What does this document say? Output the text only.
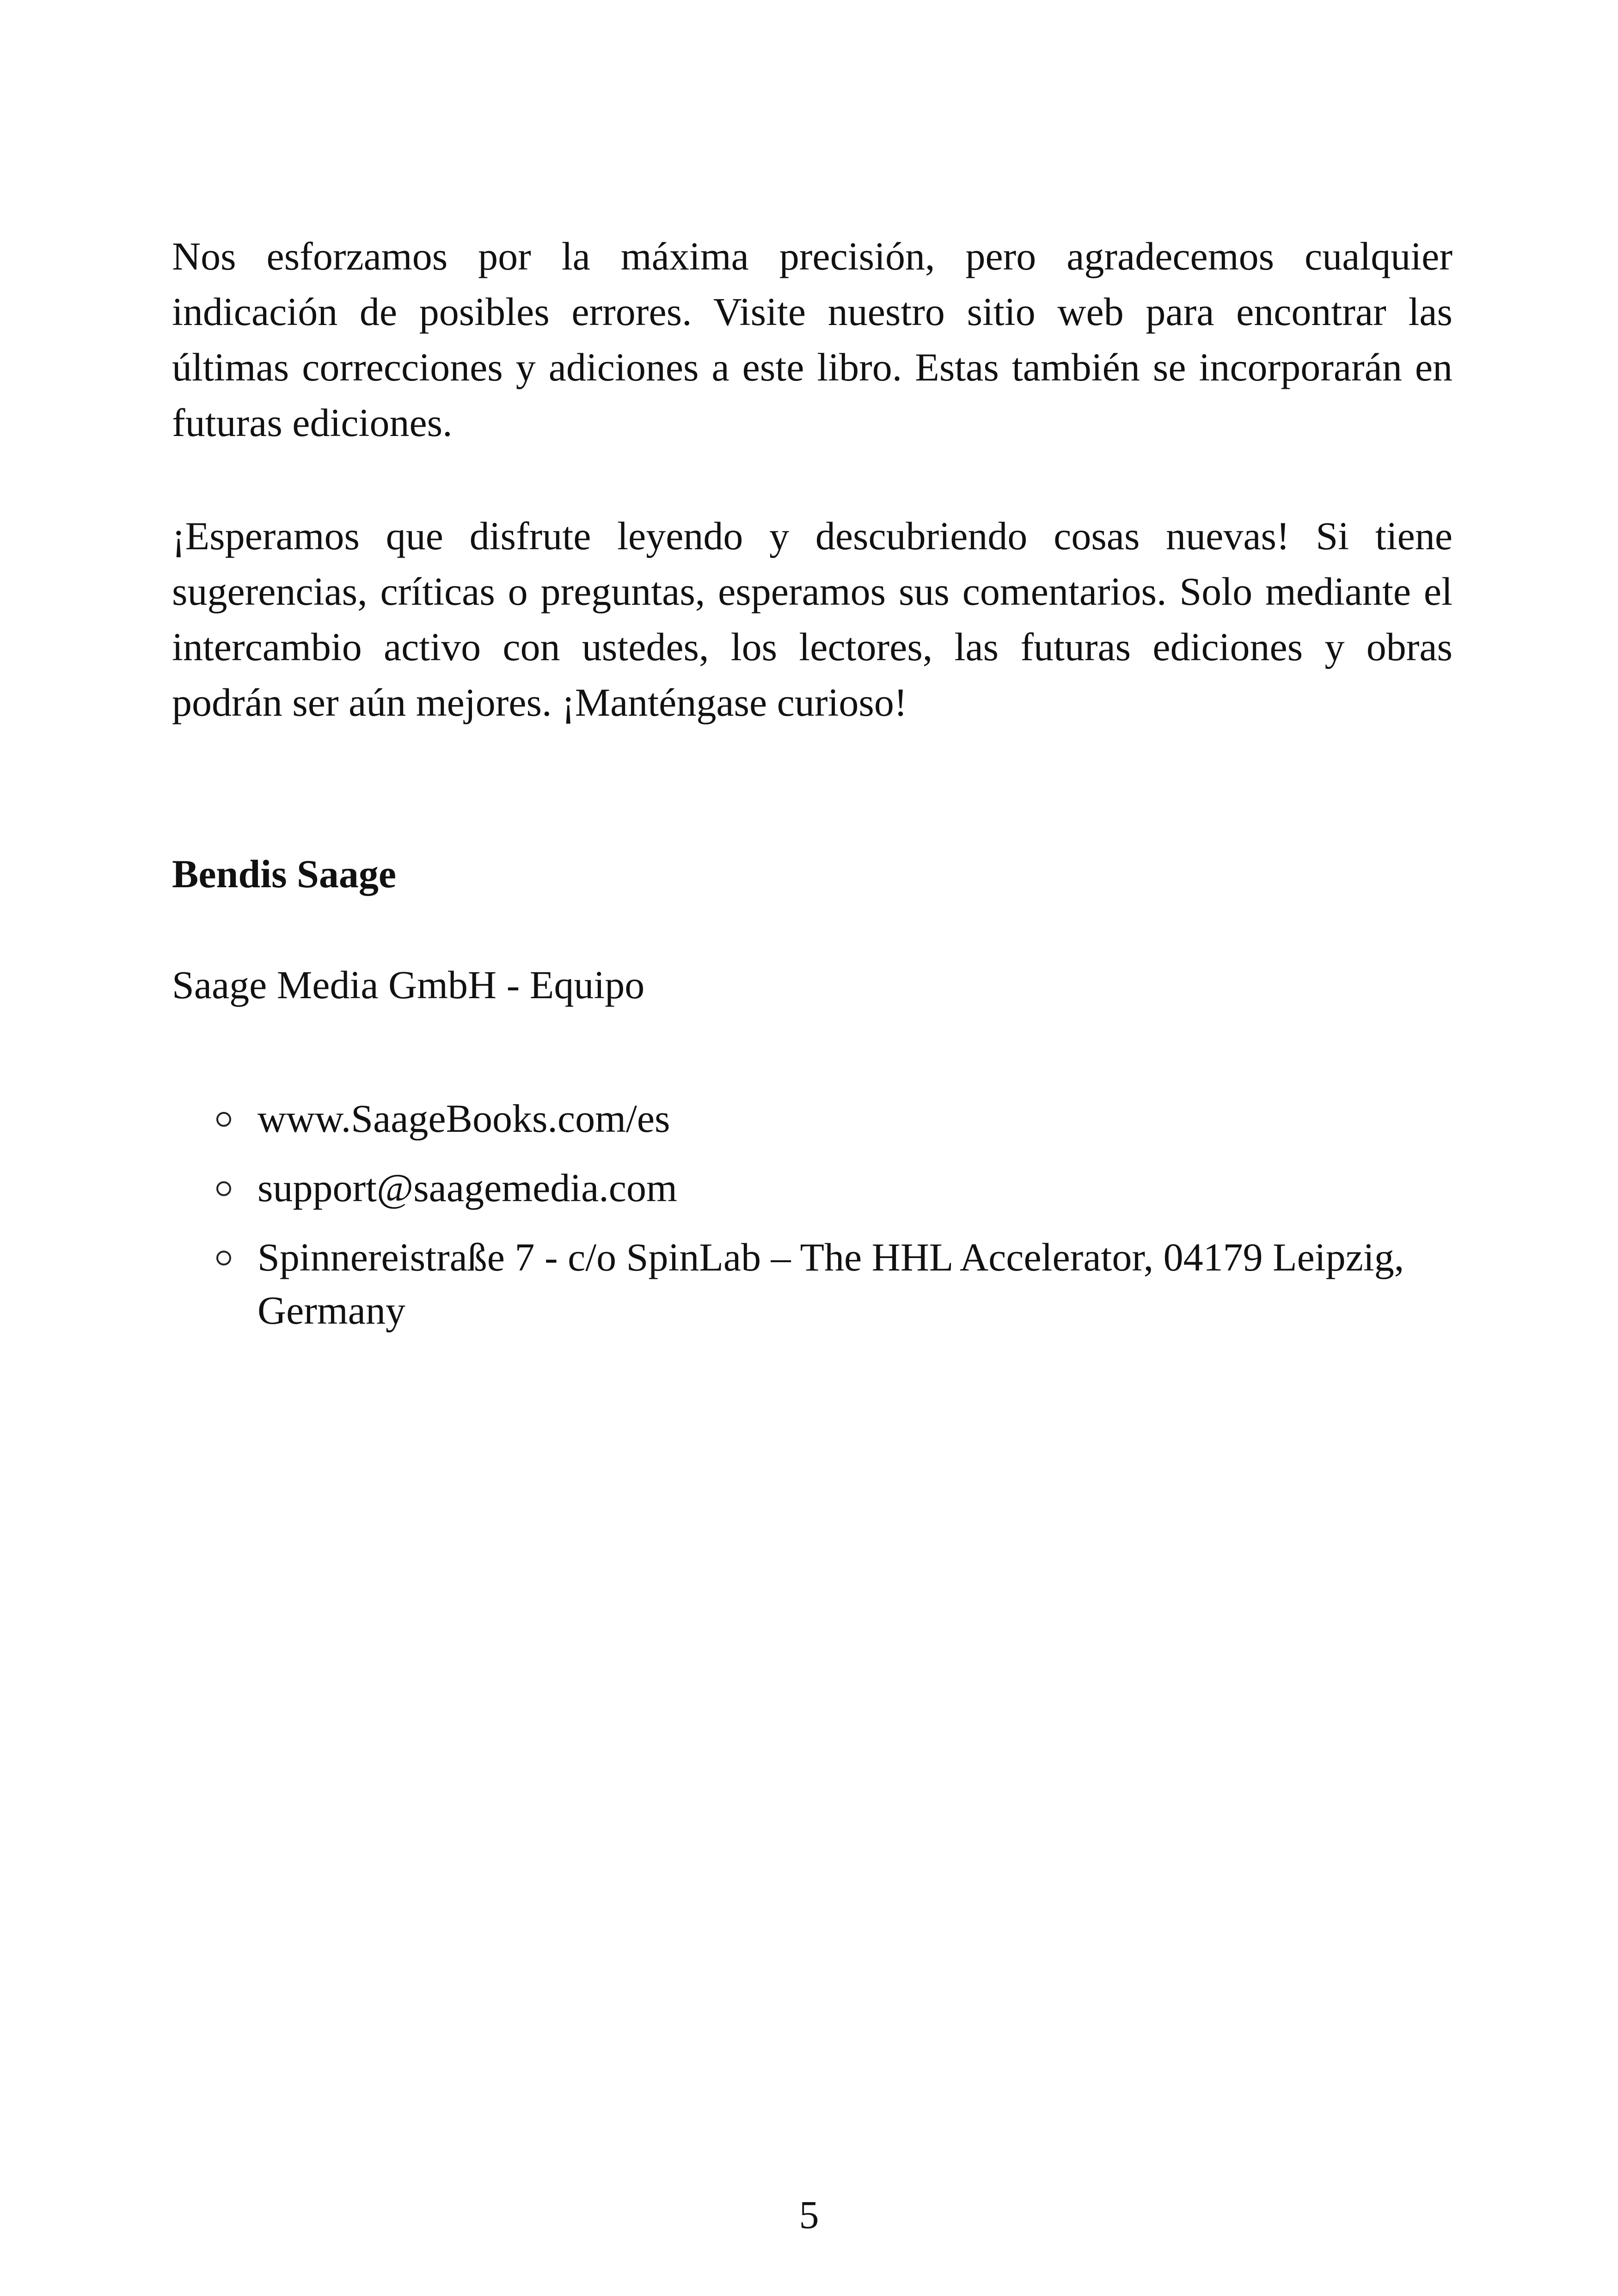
Nos esforzamos por la máxima precisión, pero agradecemos cualquier indicación de posibles errores. Visite nuestro sitio web para encontrar las últimas correcciones y adiciones a este libro. Estas también se incorporarán en futuras ediciones.

¡Esperamos que disfrute leyendo y descubriendo cosas nuevas! Si tiene sugerencias, críticas o preguntas, esperamos sus comentarios. Solo mediante el intercambio activo con ustedes, los lectores, las futuras ediciones y obras podrán ser aún mejores. ¡Manténgase curioso!

Bendis Saage
Saage Media GmbH - Equipo
www.SaageBooks.com/es
support@saagemedia.com
Spinnereistraße 7 - c/o SpinLab – The HHL Accelerator, 04179 Leipzig, Germany
5
